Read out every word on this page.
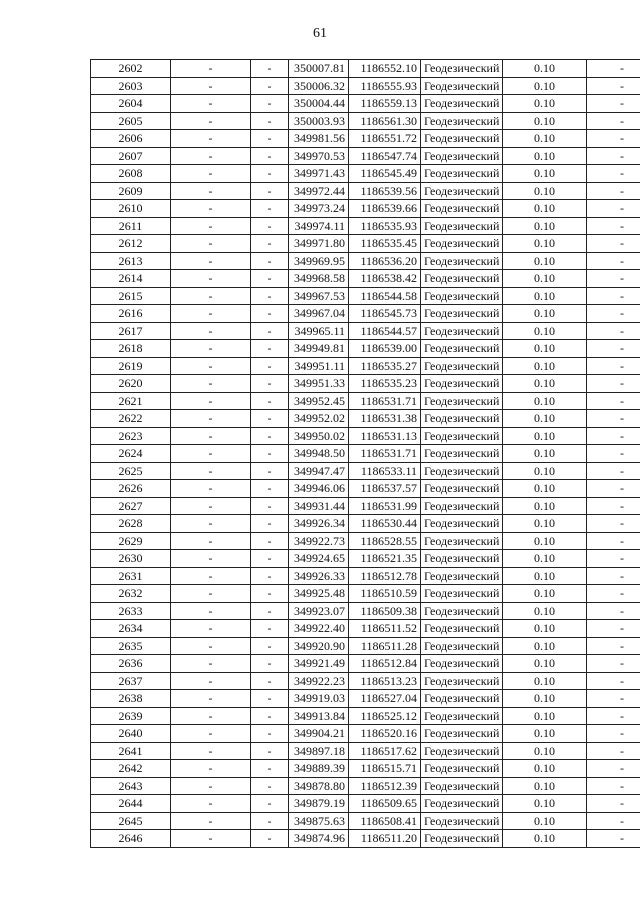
61
2602	-	-	350007.81	1186552.10	Геодезический	0.10	-
2603	-	-	350006.32	1186555.93	Геодезический	0.10	-
2604	-	-	350004.44	1186559.13	Геодезический	0.10	-
2605	-	-	350003.93	1186561.30	Геодезический	0.10	-
2606	-	-	349981.56	1186551.72	Геодезический	0.10	-
2607	-	-	349970.53	1186547.74	Геодезический	0.10	-
2608	-	-	349971.43	1186545.49	Геодезический	0.10	-
2609	-	-	349972.44	1186539.56	Геодезический	0.10	-
2610	-	-	349973.24	1186539.66	Геодезический	0.10	-
2611	-	-	349974.11	1186535.93	Геодезический	0.10	-
2612	-	-	349971.80	1186535.45	Геодезический	0.10	-
2613	-	-	349969.95	1186536.20	Геодезический	0.10	-
2614	-	-	349968.58	1186538.42	Геодезический	0.10	-
2615	-	-	349967.53	1186544.58	Геодезический	0.10	-
2616	-	-	349967.04	1186545.73	Геодезический	0.10	-
2617	-	-	349965.11	1186544.57	Геодезический	0.10	-
2618	-	-	349949.81	1186539.00	Геодезический	0.10	-
2619	-	-	349951.11	1186535.27	Геодезический	0.10	-
2620	-	-	349951.33	1186535.23	Геодезический	0.10	-
2621	-	-	349952.45	1186531.71	Геодезический	0.10	-
2622	-	-	349952.02	1186531.38	Геодезический	0.10	-
2623	-	-	349950.02	1186531.13	Геодезический	0.10	-
2624	-	-	349948.50	1186531.71	Геодезический	0.10	-
2625	-	-	349947.47	1186533.11	Геодезический	0.10	-
2626	-	-	349946.06	1186537.57	Геодезический	0.10	-
2627	-	-	349931.44	1186531.99	Геодезический	0.10	-
2628	-	-	349926.34	1186530.44	Геодезический	0.10	-
2629	-	-	349922.73	1186528.55	Геодезический	0.10	-
2630	-	-	349924.65	1186521.35	Геодезический	0.10	-
2631	-	-	349926.33	1186512.78	Геодезический	0.10	-
2632	-	-	349925.48	1186510.59	Геодезический	0.10	-
2633	-	-	349923.07	1186509.38	Геодезический	0.10	-
2634	-	-	349922.40	1186511.52	Геодезический	0.10	-
2635	-	-	349920.90	1186511.28	Геодезический	0.10	-
2636	-	-	349921.49	1186512.84	Геодезический	0.10	-
2637	-	-	349922.23	1186513.23	Геодезический	0.10	-
2638	-	-	349919.03	1186527.04	Геодезический	0.10	-
2639	-	-	349913.84	1186525.12	Геодезический	0.10	-
2640	-	-	349904.21	1186520.16	Геодезический	0.10	-
2641	-	-	349897.18	1186517.62	Геодезический	0.10	-
2642	-	-	349889.39	1186515.71	Геодезический	0.10	-
2643	-	-	349878.80	1186512.39	Геодезический	0.10	-
2644	-	-	349879.19	1186509.65	Геодезический	0.10	-
2645	-	-	349875.63	1186508.41	Геодезический	0.10	-
2646	-	-	349874.96	1186511.20	Геодезический	0.10	-
